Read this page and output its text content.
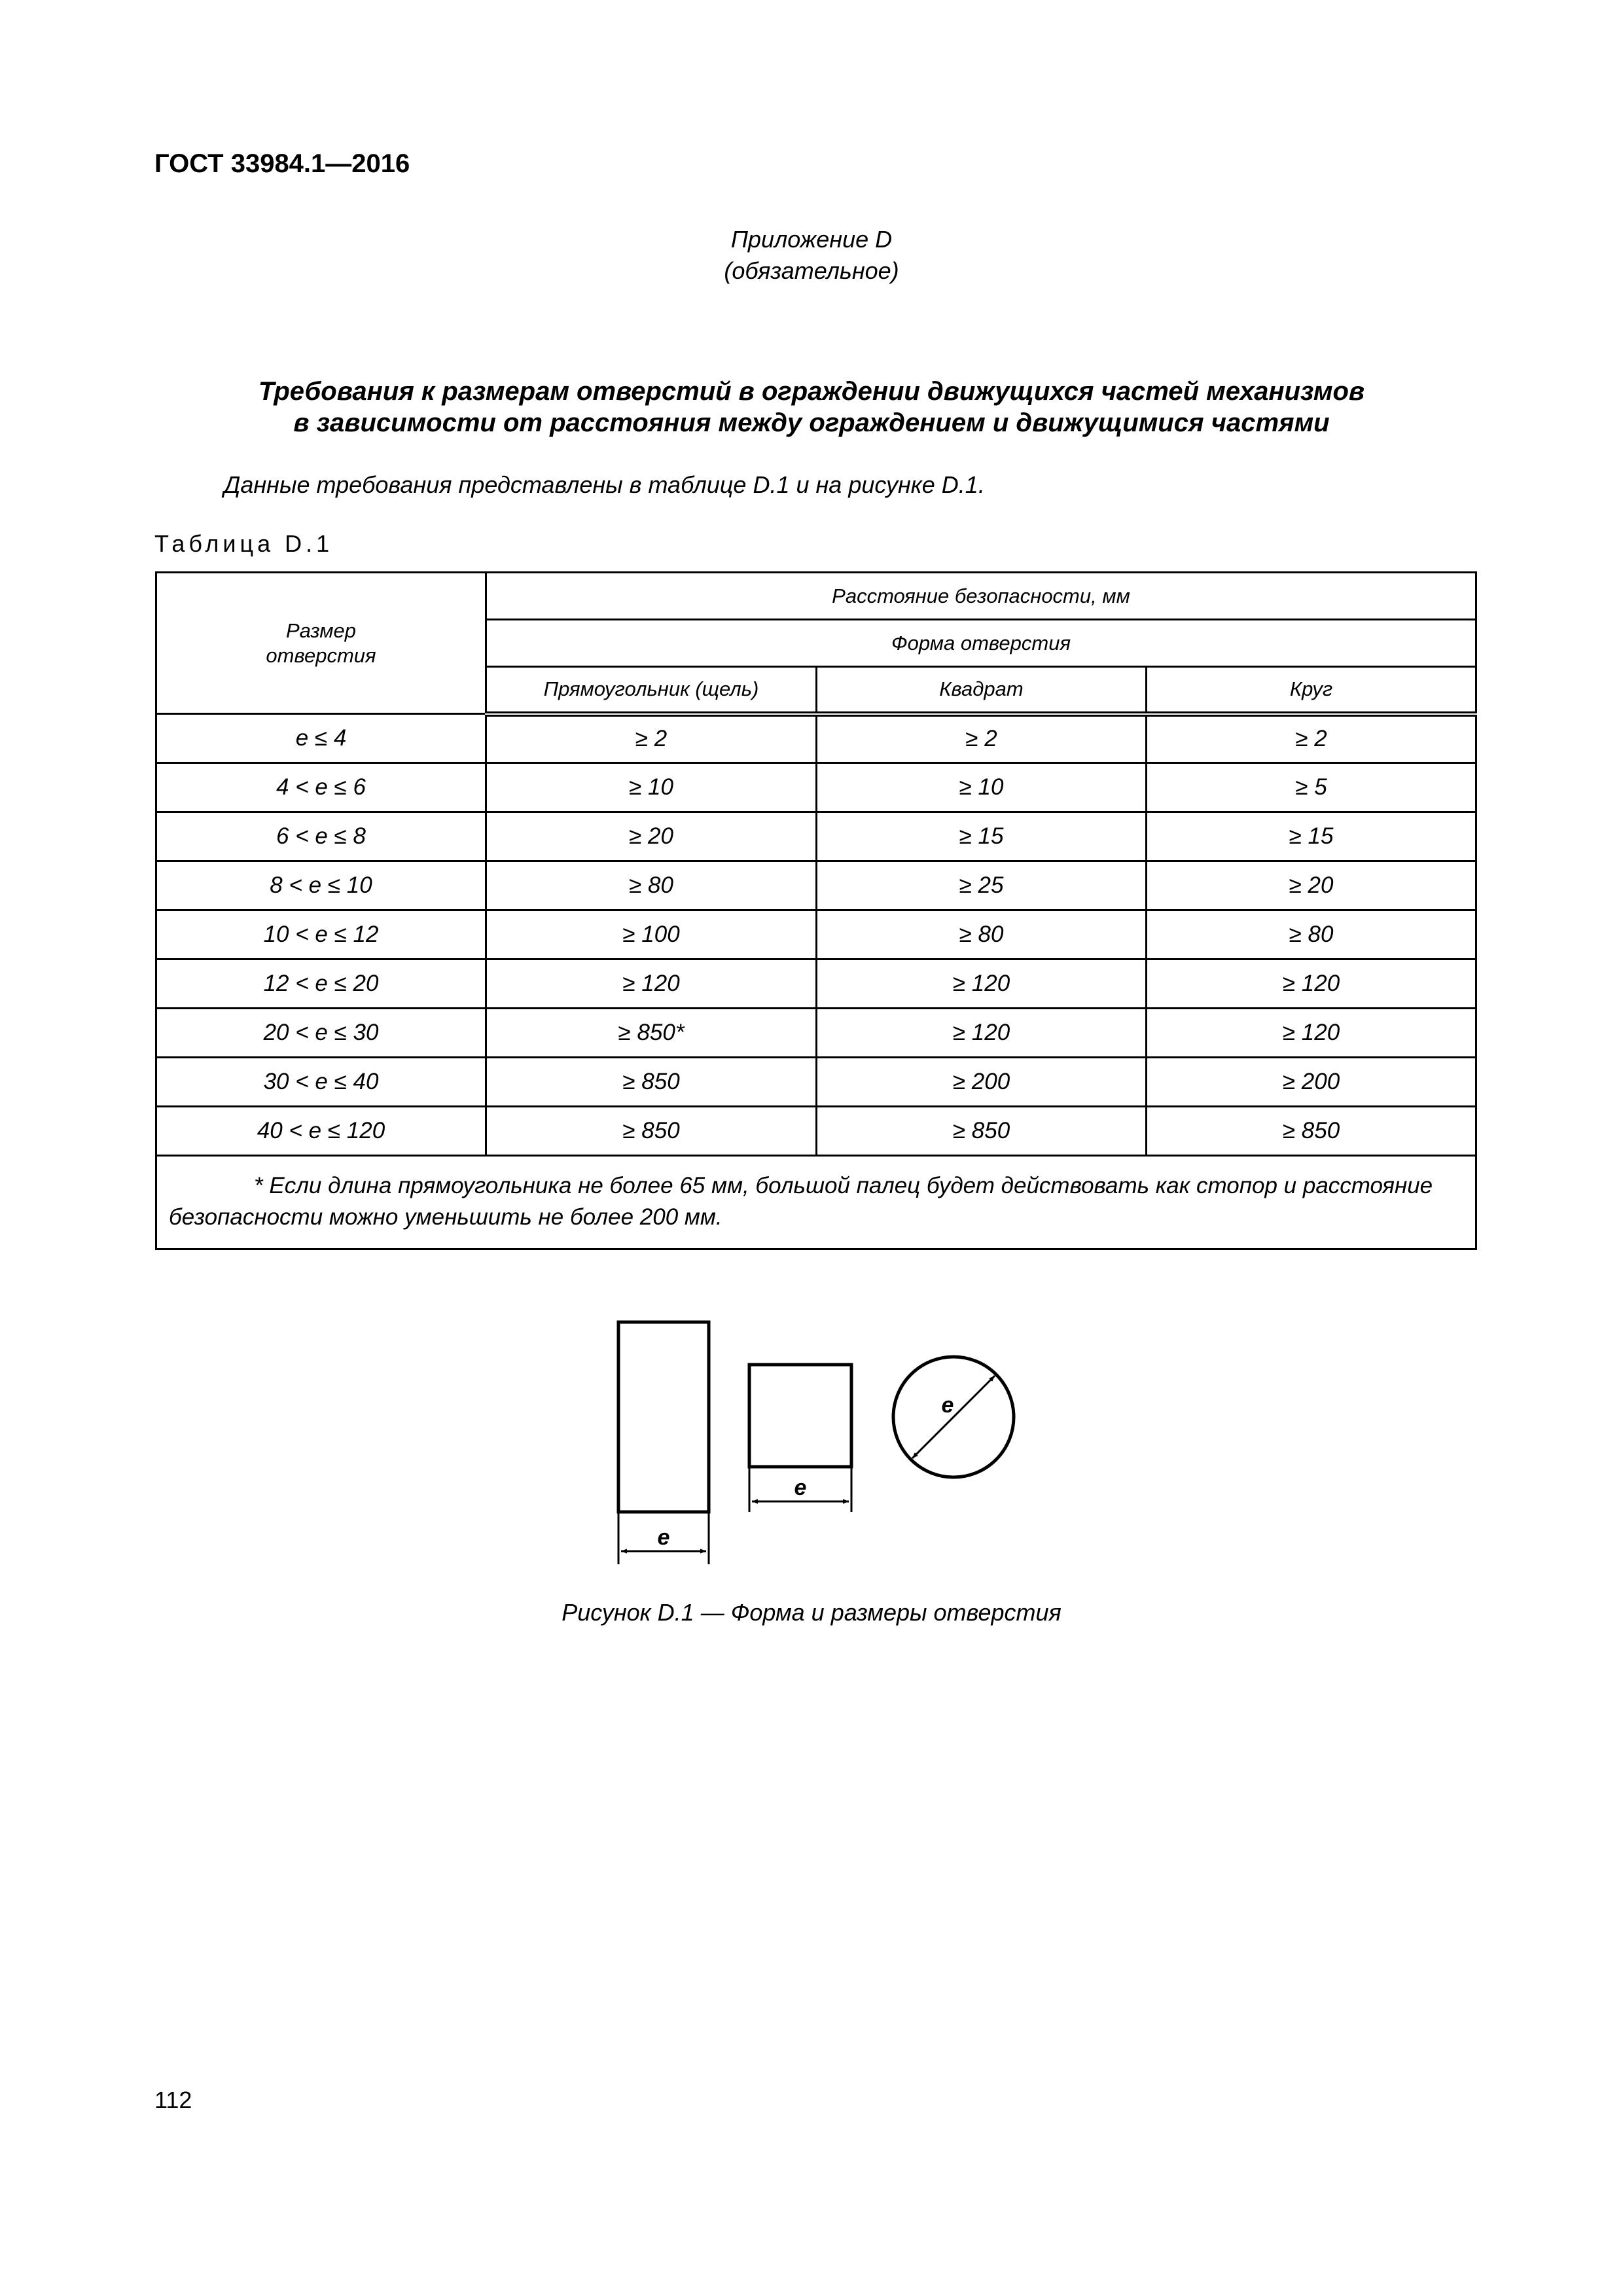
ГОСТ 33984.1—2016
Приложение D
(обязательное)
Требования к размерам отверстий в ограждении движущихся частей механизмов
в зависимости от расстояния между ограждением и движущимися частями
Данные требования представлены в таблице D.1 и на рисунке D.1.
Таблица D.1
Размер
отверстия	Расстояние безопасности, мм		
	Форма отверстия		
	Прямоугольник (щель)	Квадрат	Круг
e ≤ 4	≥ 2	≥ 2	≥ 2
4 < e ≤ 6	≥ 10	≥ 10	≥ 5
6 < e ≤ 8	≥ 20	≥ 15	≥ 15
8 < e ≤ 10	≥ 80	≥ 25	≥ 20
10 < e ≤ 12	≥ 100	≥ 80	≥ 80
12 < e ≤ 20	≥ 120	≥ 120	≥ 120
20 < e ≤ 30	≥ 850*	≥ 120	≥ 120
30 < e ≤ 40	≥ 850	≥ 200	≥ 200
40 < e ≤ 120	≥ 850	≥ 850	≥ 850

* Если длина прямоугольника не более 65 мм, большой палец будет действовать как стопор и расстояние безопасности можно уменьшить не более 200 мм.			
e
e
e
Рисунок D.1 — Форма и размеры отверстия
112
